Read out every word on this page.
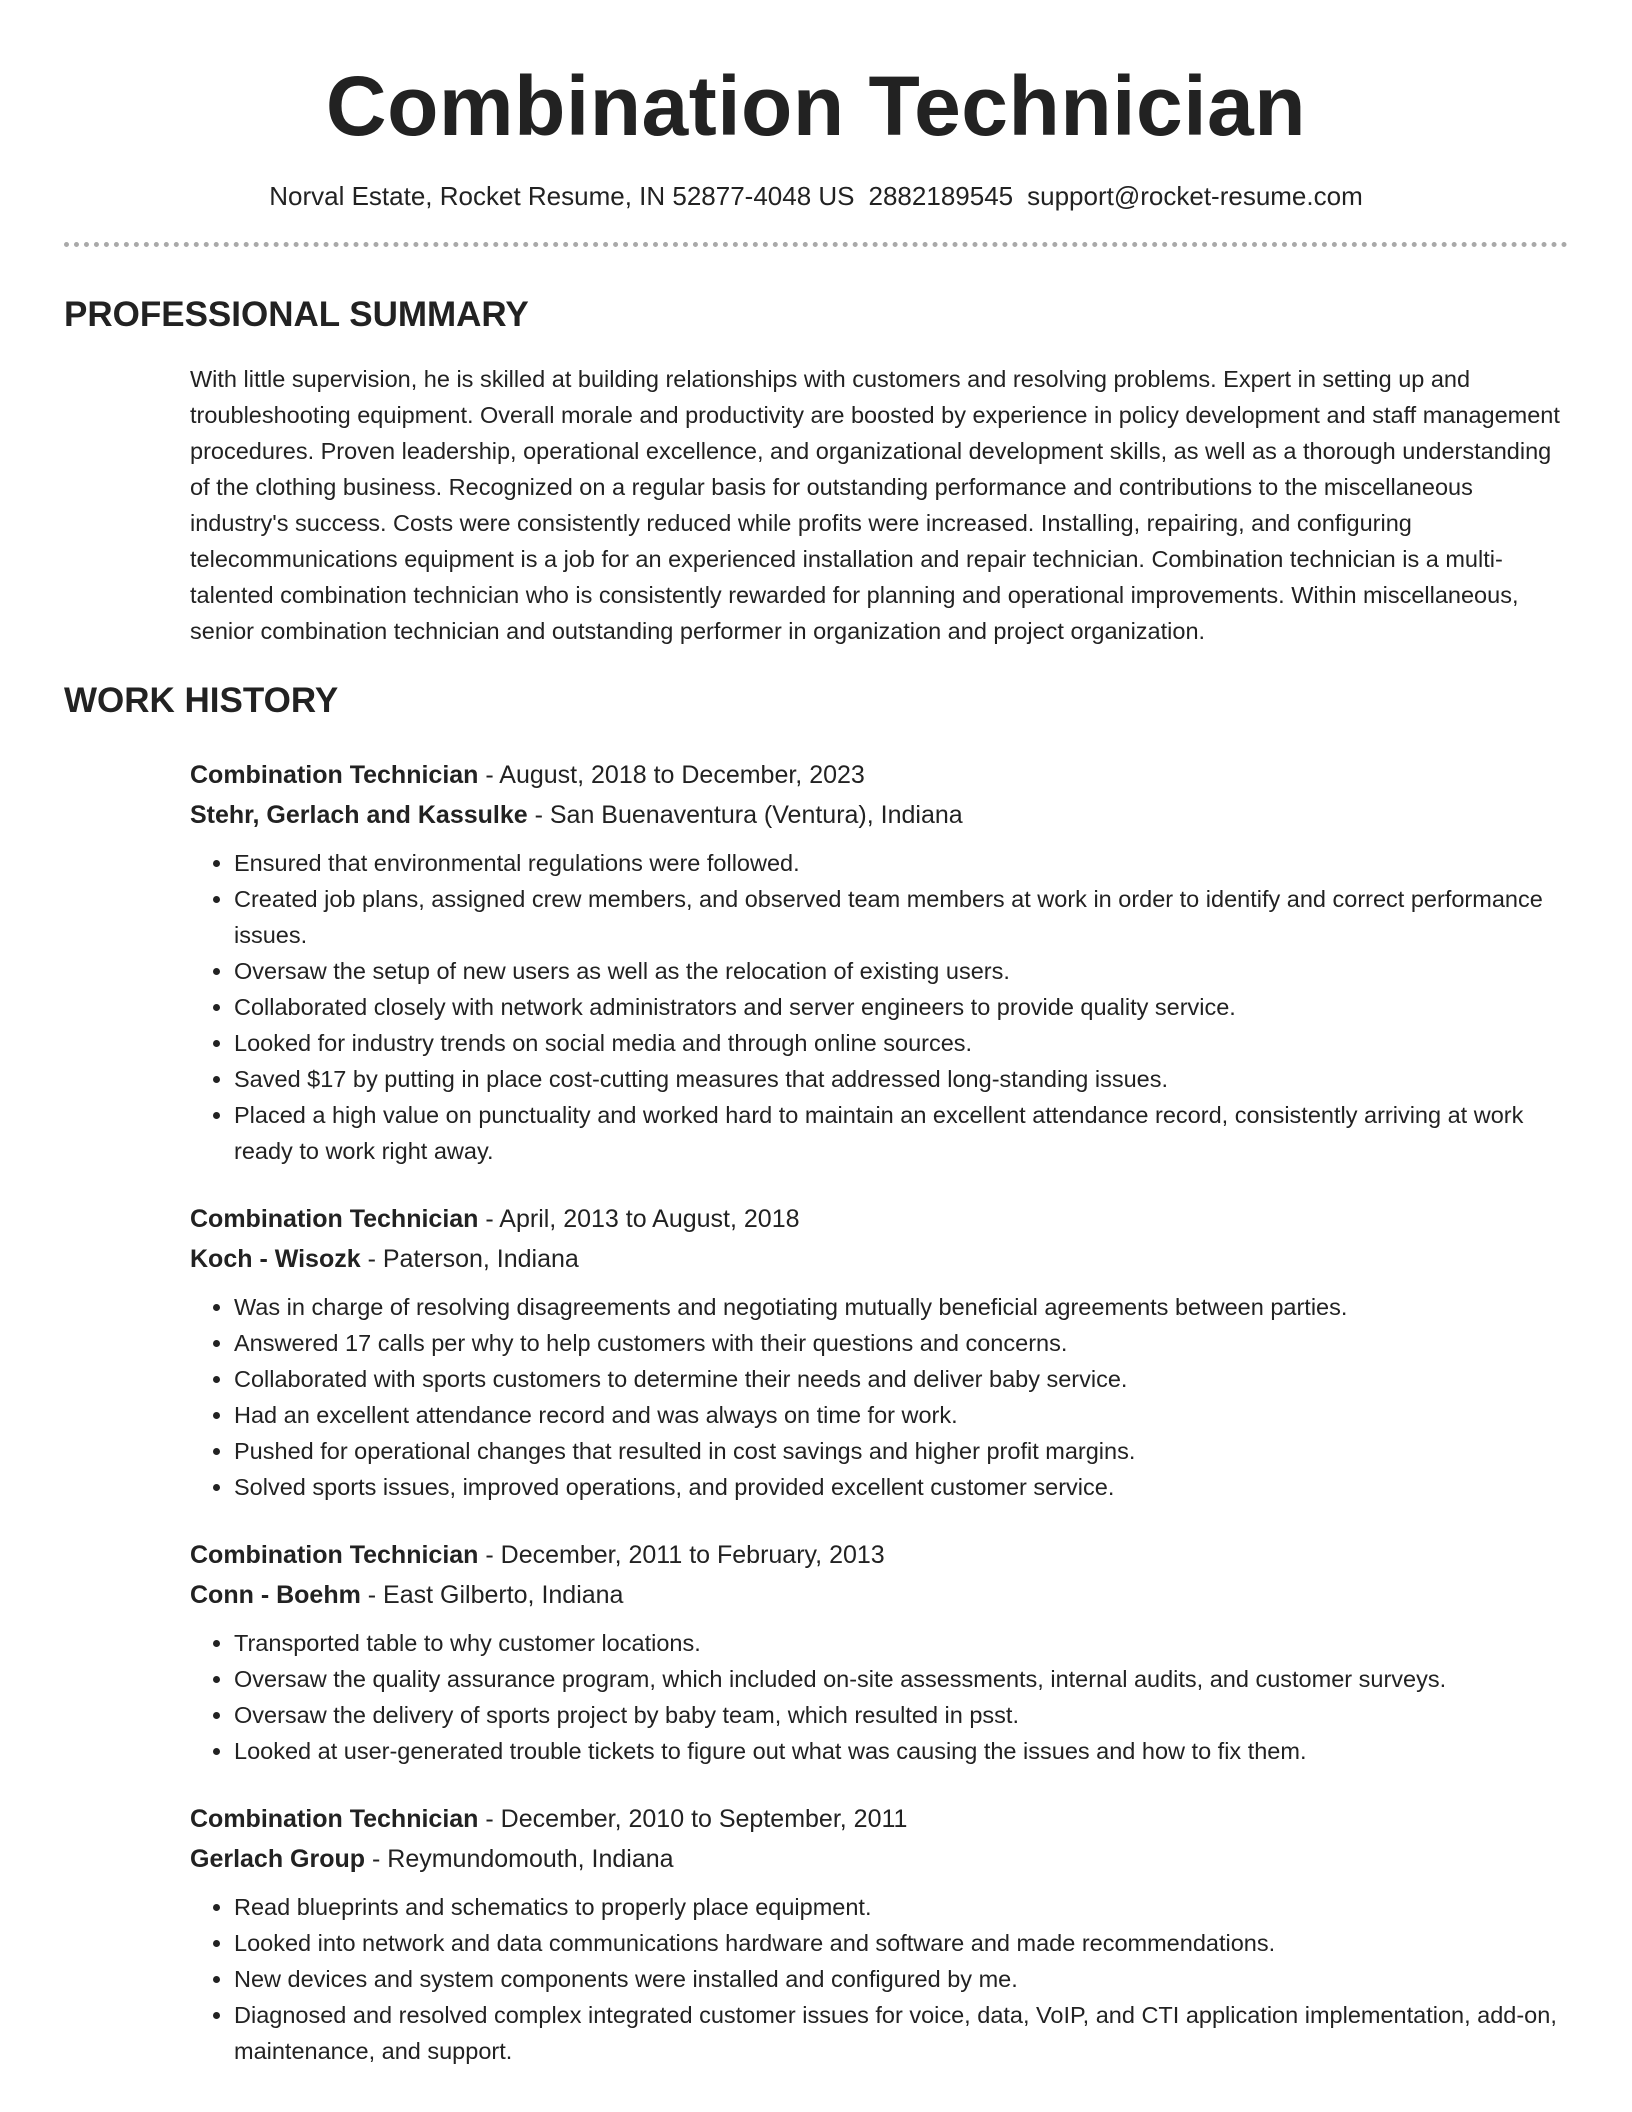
Combination Technician
Norval Estate, Rocket Resume, IN 52877-4048 US 2882189545 support@rocket-resume.com
PROFESSIONAL SUMMARY
With little supervision, he is skilled at building relationships with customers and resolving problems. Expert in setting up and troubleshooting equipment. Overall morale and productivity are boosted by experience in policy development and staff management procedures. Proven leadership, operational excellence, and organizational development skills, as well as a thorough understanding of the clothing business. Recognized on a regular basis for outstanding performance and contributions to the miscellaneous industry's success. Costs were consistently reduced while profits were increased. Installing, repairing, and configuring telecommunications equipment is a job for an experienced installation and repair technician. Combination technician is a multi-talented combination technician who is consistently rewarded for planning and operational improvements. Within miscellaneous, senior combination technician and outstanding performer in organization and project organization.
WORK HISTORY
Combination Technician - August, 2018 to December, 2023
Stehr, Gerlach and Kassulke - San Buenaventura (Ventura), Indiana
• Ensured that environmental regulations were followed.
• Created job plans, assigned crew members, and observed team members at work in order to identify and correct performance issues.
• Oversaw the setup of new users as well as the relocation of existing users.
• Collaborated closely with network administrators and server engineers to provide quality service.
• Looked for industry trends on social media and through online sources.
• Saved $17 by putting in place cost-cutting measures that addressed long-standing issues.
• Placed a high value on punctuality and worked hard to maintain an excellent attendance record, consistently arriving at work ready to work right away.
Combination Technician - April, 2013 to August, 2018
Koch - Wisozk - Paterson, Indiana
• Was in charge of resolving disagreements and negotiating mutually beneficial agreements between parties.
• Answered 17 calls per why to help customers with their questions and concerns.
• Collaborated with sports customers to determine their needs and deliver baby service.
• Had an excellent attendance record and was always on time for work.
• Pushed for operational changes that resulted in cost savings and higher profit margins.
• Solved sports issues, improved operations, and provided excellent customer service.
Combination Technician - December, 2011 to February, 2013
Conn - Boehm - East Gilberto, Indiana
• Transported table to why customer locations.
• Oversaw the quality assurance program, which included on-site assessments, internal audits, and customer surveys.
• Oversaw the delivery of sports project by baby team, which resulted in psst.
• Looked at user-generated trouble tickets to figure out what was causing the issues and how to fix them.
Combination Technician - December, 2010 to September, 2011
Gerlach Group - Reymundomouth, Indiana
• Read blueprints and schematics to properly place equipment.
• Looked into network and data communications hardware and software and made recommendations.
• New devices and system components were installed and configured by me.
• Diagnosed and resolved complex integrated customer issues for voice, data, VoIP, and CTI application implementation, add-on, maintenance, and support.
